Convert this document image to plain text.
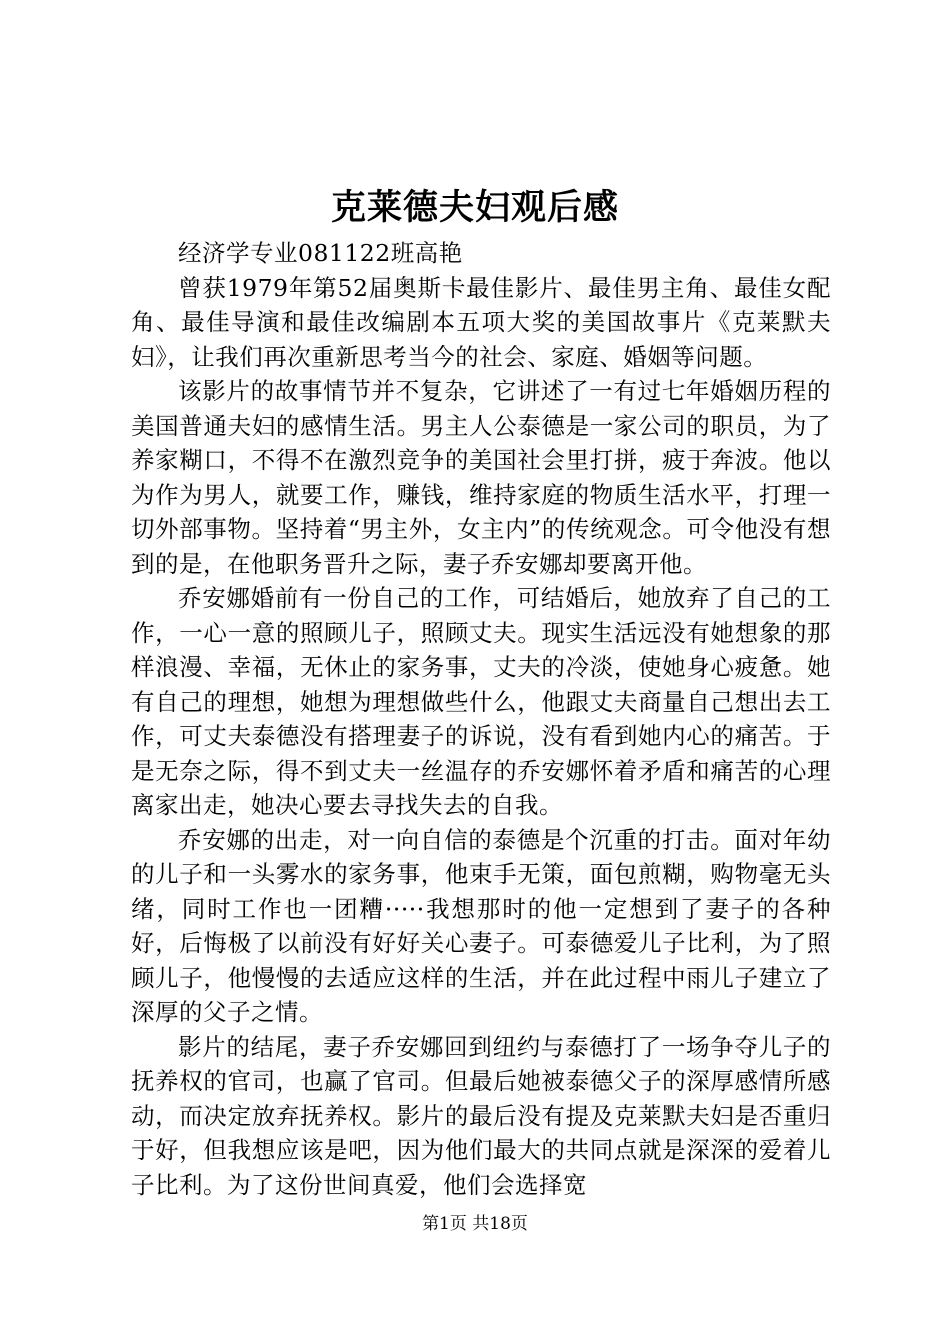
克莱德夫妇观后感

经济学专业081122班高艳

曾获1979年第52届奥斯卡最佳影片、最佳男主角、最佳女配角、最佳导演和最佳改编剧本五项大奖的美国故事片《克莱默夫妇》，让我们再次重新思考当今的社会、家庭、婚姻等问题。

该影片的故事情节并不复杂，它讲述了一有过七年婚姻历程的美国普通夫妇的感情生活。男主人公泰德是一家公司的职员，为了养家糊口，不得不在激烈竞争的美国社会里打拼，疲于奔波。他以为作为男人，就要工作，赚钱，维持家庭的物质生活水平，打理一切外部事物。坚持着“男主外，女主内”的传统观念。可令他没有想到的是，在他职务晋升之际，妻子乔安娜却要离开他。

乔安娜婚前有一份自己的工作，可结婚后，她放弃了自己的工作，一心一意的照顾儿子，照顾丈夫。现实生活远没有她想象的那样浪漫、幸福，无休止的家务事，丈夫的冷淡，使她身心疲惫。她有自己的理想，她想为理想做些什么，他跟丈夫商量自己想出去工作，可丈夫泰德没有搭理妻子的诉说，没有看到她内心的痛苦。于是无奈之际，得不到丈夫一丝温存的乔安娜怀着矛盾和痛苦的心理离家出走，她决心要去寻找失去的自我。

乔安娜的出走，对一向自信的泰德是个沉重的打击。面对年幼的儿子和一头雾水的家务事，他束手无策，面包煎糊，购物毫无头绪，同时工作也一团糟·····我想那时的他一定想到了妻子的各种好，后悔极了以前没有好好关心妻子。可泰德爱儿子比利，为了照顾儿子，他慢慢的去适应这样的生活，并在此过程中雨儿子建立了深厚的父子之情。

影片的结尾，妻子乔安娜回到纽约与泰德打了一场争夺儿子的抚养权的官司，也赢了官司。但最后她被泰德父子的深厚感情所感动，而决定放弃抚养权。影片的最后没有提及克莱默夫妇是否重归于好，但我想应该是吧，因为他们最大的共同点就是深深的爱着儿子比利。为了这份世间真爱，他们会选择宽

第1页 共18页
